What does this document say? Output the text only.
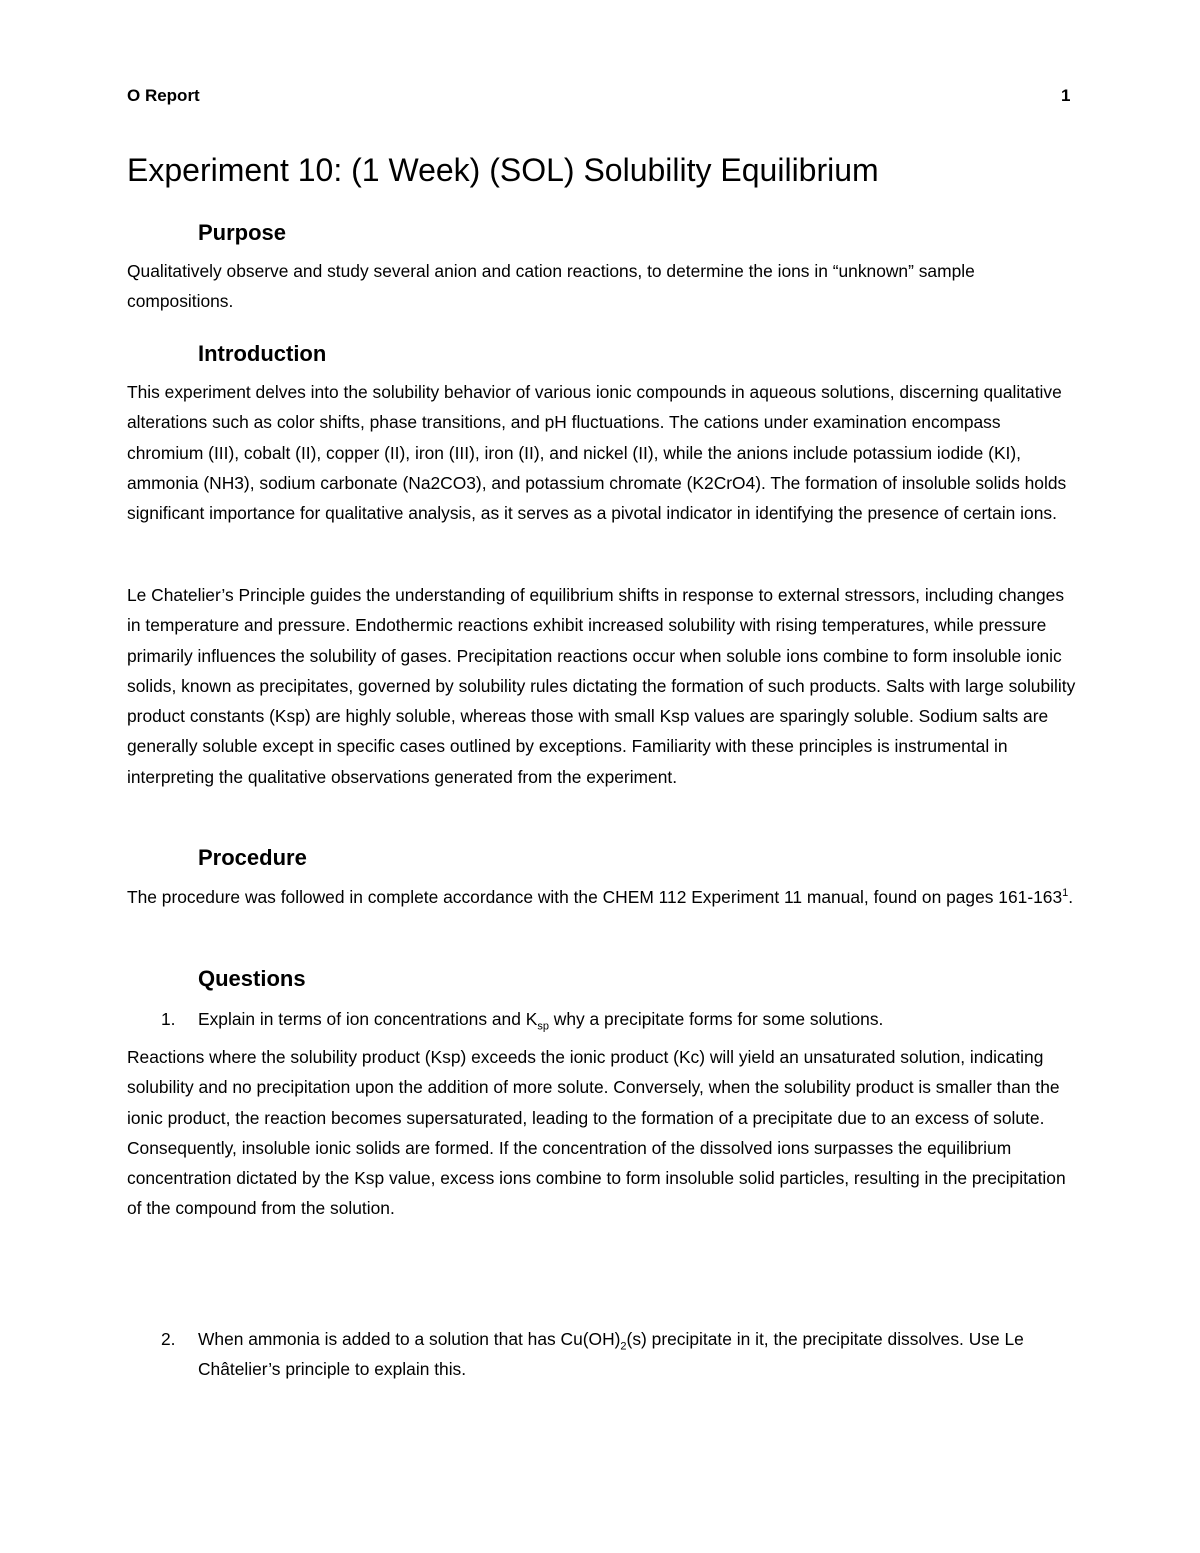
O Report	1
Experiment 10: (1 Week) (SOL) Solubility Equilibrium
Purpose
Qualitatively observe and study several anion and cation reactions, to determine the ions in “unknown” sample compositions.
Introduction
This experiment delves into the solubility behavior of various ionic compounds in aqueous solutions, discerning qualitative alterations such as color shifts, phase transitions, and pH fluctuations. The cations under examination encompass chromium (III), cobalt (II), copper (II), iron (III), iron (II), and nickel (II), while the anions include potassium iodide (KI), ammonia (NH3), sodium carbonate (Na2CO3), and potassium chromate (K2CrO4). The formation of insoluble solids holds significant importance for qualitative analysis, as it serves as a pivotal indicator in identifying the presence of certain ions.
Le Chatelier’s Principle guides the understanding of equilibrium shifts in response to external stressors, including changes in temperature and pressure. Endothermic reactions exhibit increased solubility with rising temperatures, while pressure primarily influences the solubility of gases. Precipitation reactions occur when soluble ions combine to form insoluble ionic solids, known as precipitates, governed by solubility rules dictating the formation of such products. Salts with large solubility product constants (Ksp) are highly soluble, whereas those with small Ksp values are sparingly soluble. Sodium salts are generally soluble except in specific cases outlined by exceptions. Familiarity with these principles is instrumental in interpreting the qualitative observations generated from the experiment.
Procedure
The procedure was followed in complete accordance with the CHEM 112 Experiment 11 manual, found on pages $161-163^1$.
Questions
1. Explain in terms of ion concentrations and $K_{sp}$ why a precipitate forms for some solutions.
Reactions where the solubility product (Ksp) exceeds the ionic product (Kc) will yield an unsaturated solution, indicating solubility and no precipitation upon the addition of more solute. Conversely, when the solubility product is smaller than the ionic product, the reaction becomes supersaturated, leading to the formation of a precipitate due to an excess of solute. Consequently, insoluble ionic solids are formed. If the concentration of the dissolved ions surpasses the equilibrium concentration dictated by the Ksp value, excess ions combine to form insoluble solid particles, resulting in the precipitation of the compound from the solution.
2. When ammonia is added to a solution that has $Cu(OH)_2(s)$ precipitate in it, the precipitate dissolves. Use Le Châtelier’s principle to explain this.
